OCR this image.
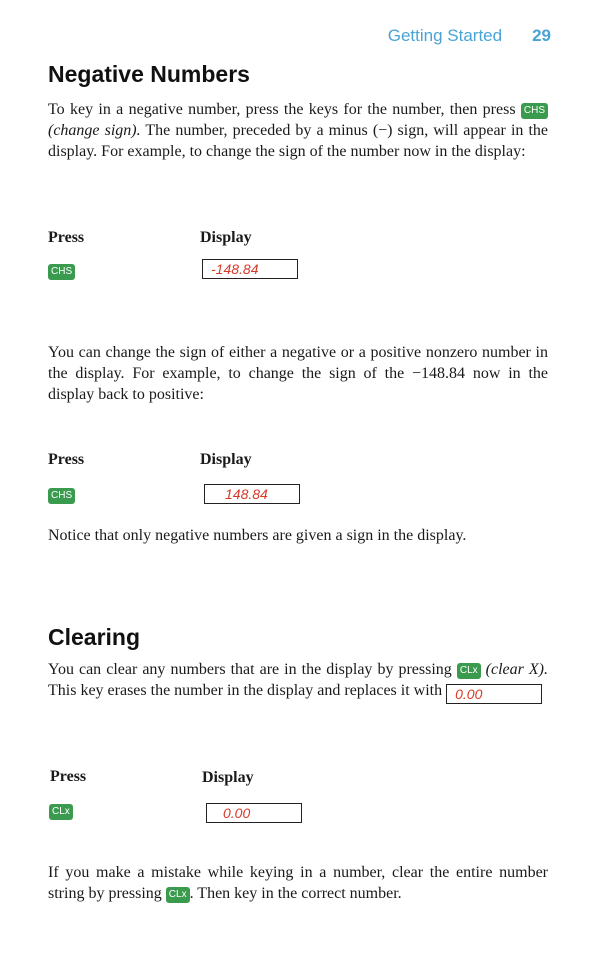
Getting Started 29
Negative Numbers

To key in a negative number, press the keys for the number, then press CHS (change sign). The number, preceded by a minus (−) sign, will appear in the display. For example, to change the sign of the number now in the display:

Press	Display
CHS	-148.84

You can change the sign of either a negative or a positive nonzero number in the display. For example, to change the sign of the −148.84 now in the display back to positive:

Press	Display
CHS	148.84

Notice that only negative numbers are given a sign in the display.

Clearing

You can clear any numbers that are in the display by pressing CLx (clear X). This key erases the number in the display and replaces it with 0.00

Press	Display
CLx	0.00

If you make a mistake while keying in a number, clear the entire number string by pressing CLx . Then key in the correct number.
